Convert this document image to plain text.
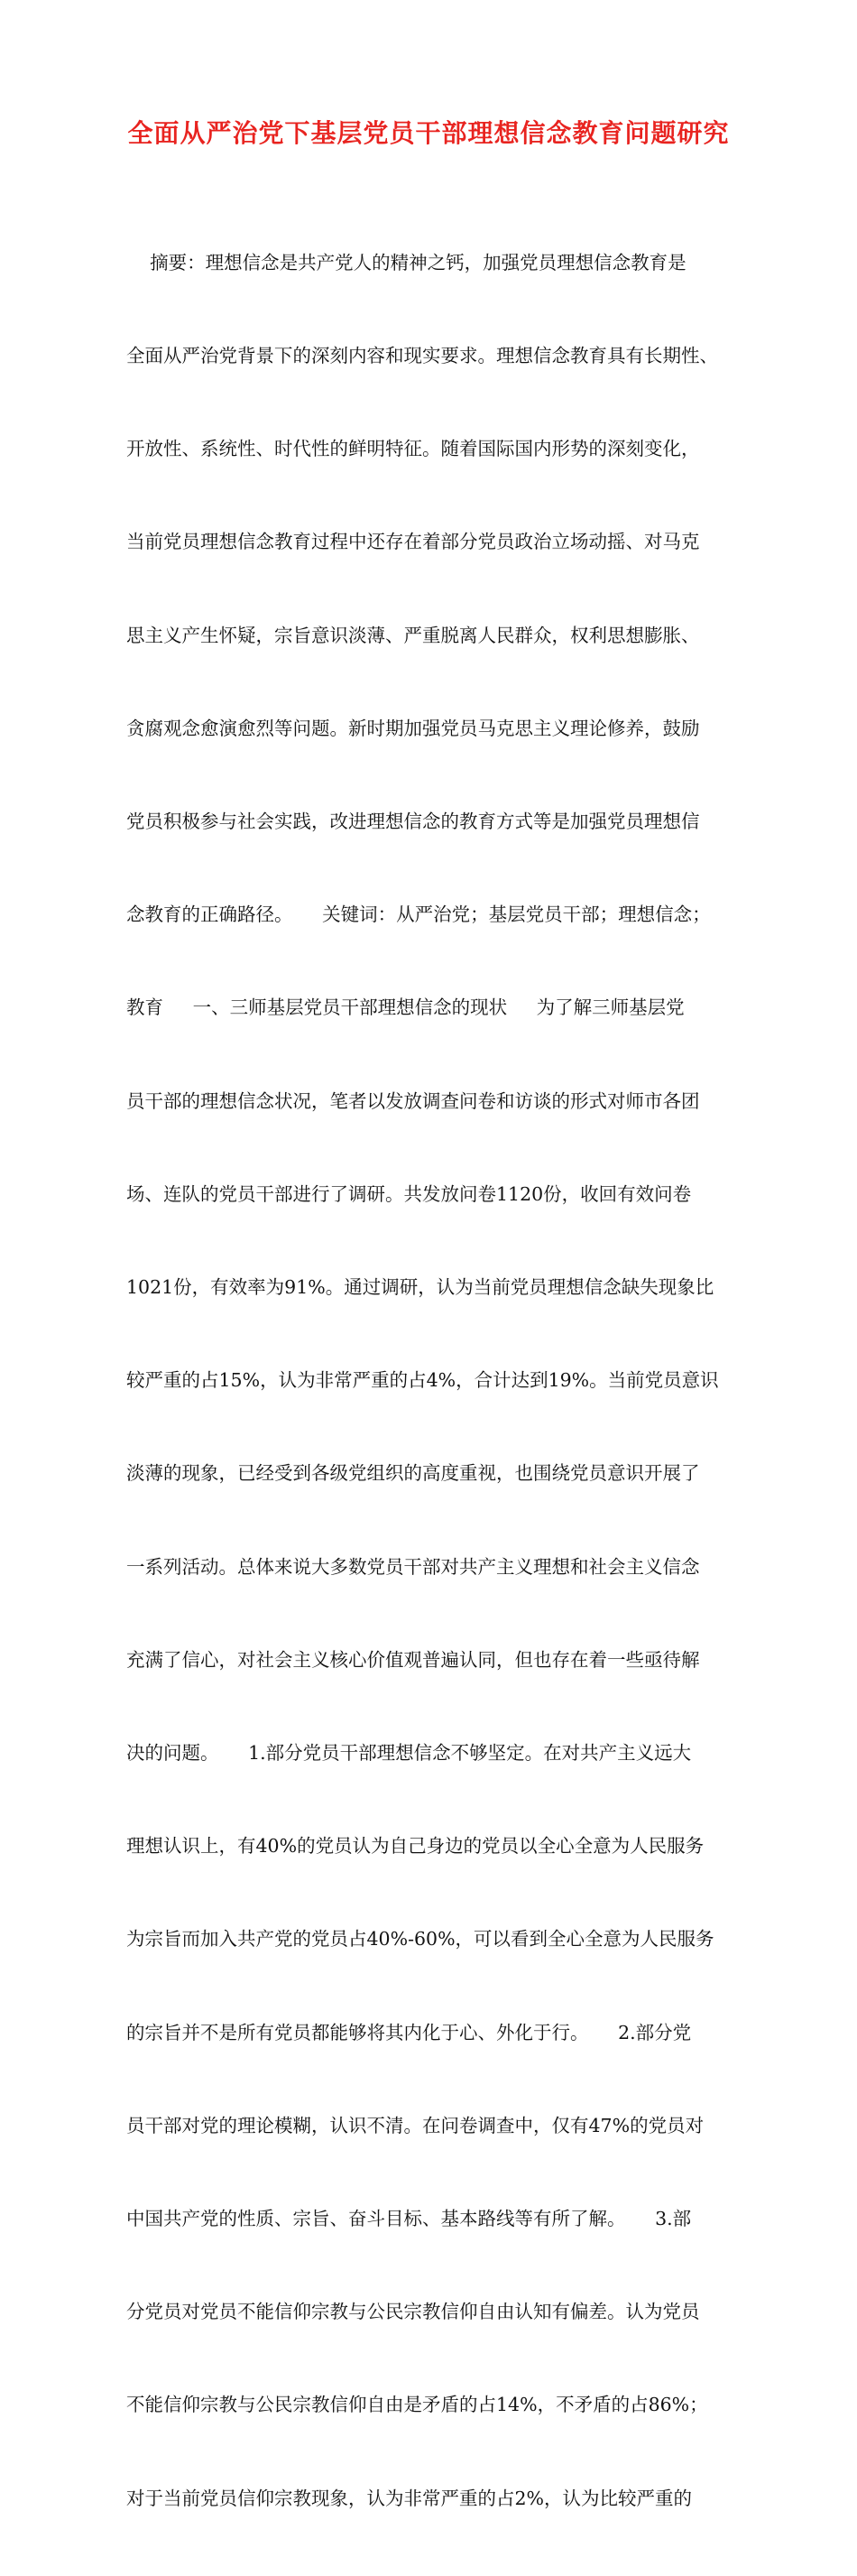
全面从严治党下基层党员干部理想信念教育问题研究

摘要：理想信念是共产党人的精神之钙，加强党员理想信念教育是

全面从严治党背景下的深刻内容和现实要求。理想信念教育具有长期性、

开放性、系统性、时代性的鲜明特征。随着国际国内形势的深刻变化，

当前党员理想信念教育过程中还存在着部分党员政治立场动摇、对马克

思主义产生怀疑，宗旨意识淡薄、严重脱离人民群众，权利思想膨胀、

贪腐观念愈演愈烈等问题。新时期加强党员马克思主义理论修养，鼓励

党员积极参与社会实践，改进理想信念的教育方式等是加强党员理想信

念教育的正确路径。     关键词：从严治党；基层党员干部；理想信念；

教育     一、三师基层党员干部理想信念的现状     为了解三师基层党

员干部的理想信念状况，笔者以发放调查问卷和访谈的形式对师市各团

场、连队的党员干部进行了调研。共发放问卷1120份，收回有效问卷

1021份，有效率为91%。通过调研，认为当前党员理想信念缺失现象比

较严重的占15%，认为非常严重的占4%，合计达到19%。当前党员意识

淡薄的现象，已经受到各级党组织的高度重视，也围绕党员意识开展了

一系列活动。总体来说大多数党员干部对共产主义理想和社会主义信念

充满了信心，对社会主义核心价值观普遍认同，但也存在着一些亟待解

决的问题。     1.部分党员干部理想信念不够坚定。在对共产主义远大

理想认识上，有40%的党员认为自己身边的党员以全心全意为人民服务

为宗旨而加入共产党的党员占40%-60%，可以看到全心全意为人民服务

的宗旨并不是所有党员都能够将其内化于心、外化于行。     2.部分党

员干部对党的理论模糊，认识不清。在问卷调查中，仅有47%的党员对

中国共产党的性质、宗旨、奋斗目标、基本路线等有所了解。     3.部

分党员对党员不能信仰宗教与公民宗教信仰自由认知有偏差。认为党员

不能信仰宗教与公民宗教信仰自由是矛盾的占14%，不矛盾的占86%；

对于当前党员信仰宗教现象，认为非常严重的占2%，认为比较严重的
